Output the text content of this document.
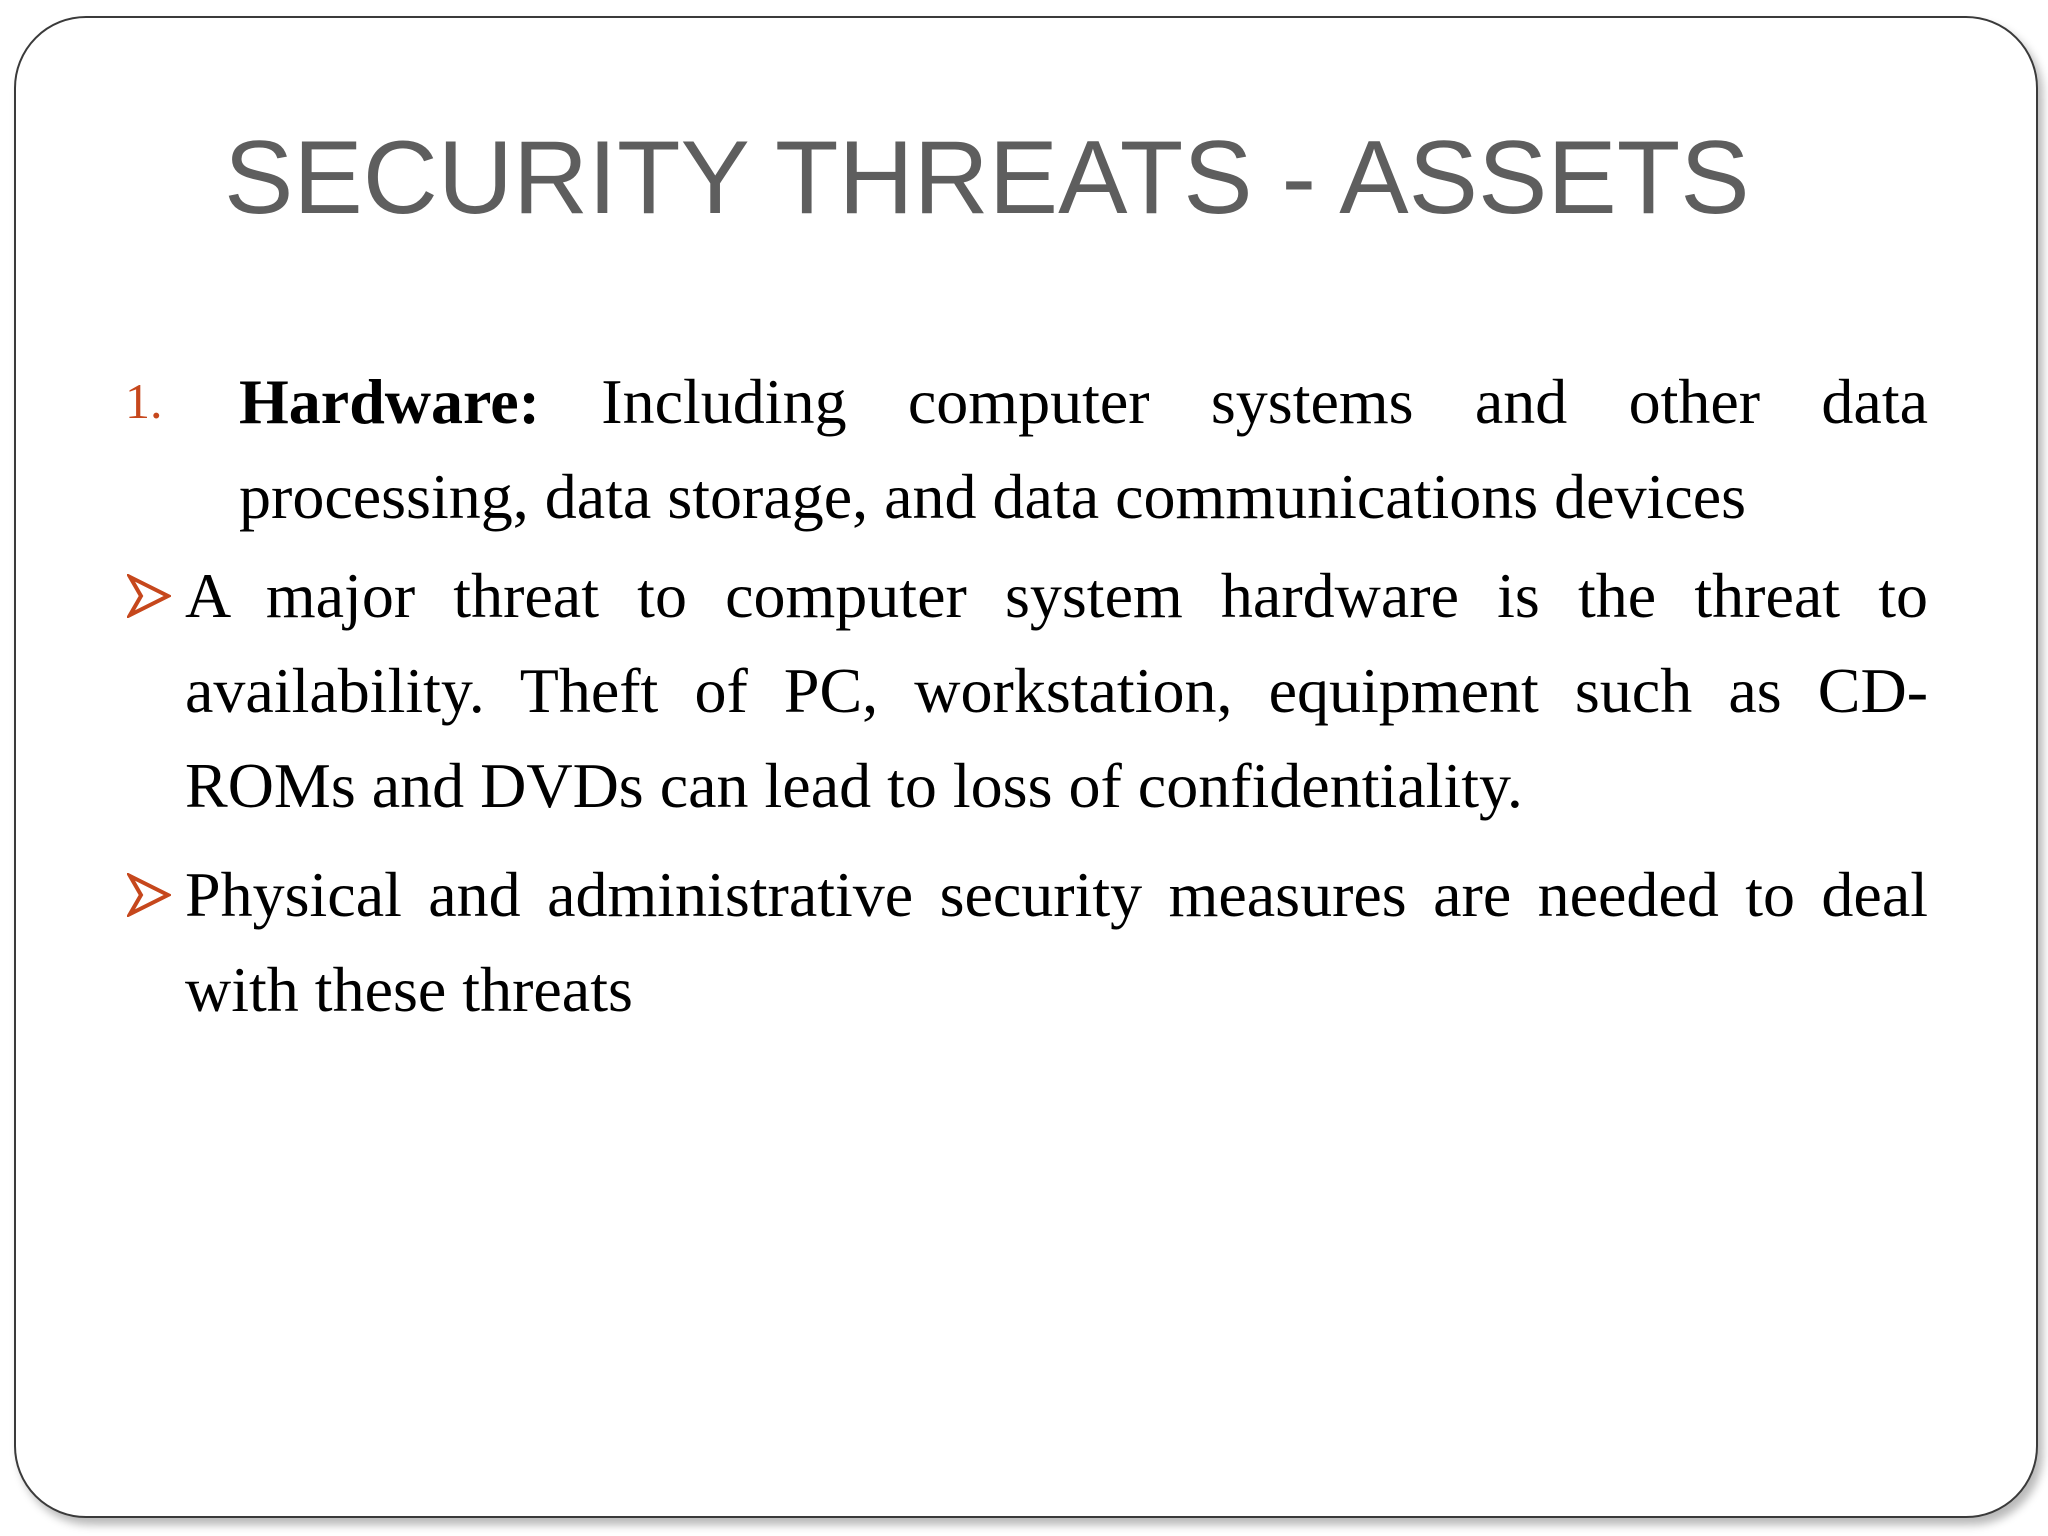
SECURITY THREATS - ASSETS

1. Hardware: Including computer systems and other data processing, data storage, and data communications devices

A major threat to computer system hardware is the threat to availability. Theft of PC, workstation, equipment such as CD-ROMs and DVDs can lead to loss of confidentiality.

Physical and administrative security measures are needed to deal with these threats
